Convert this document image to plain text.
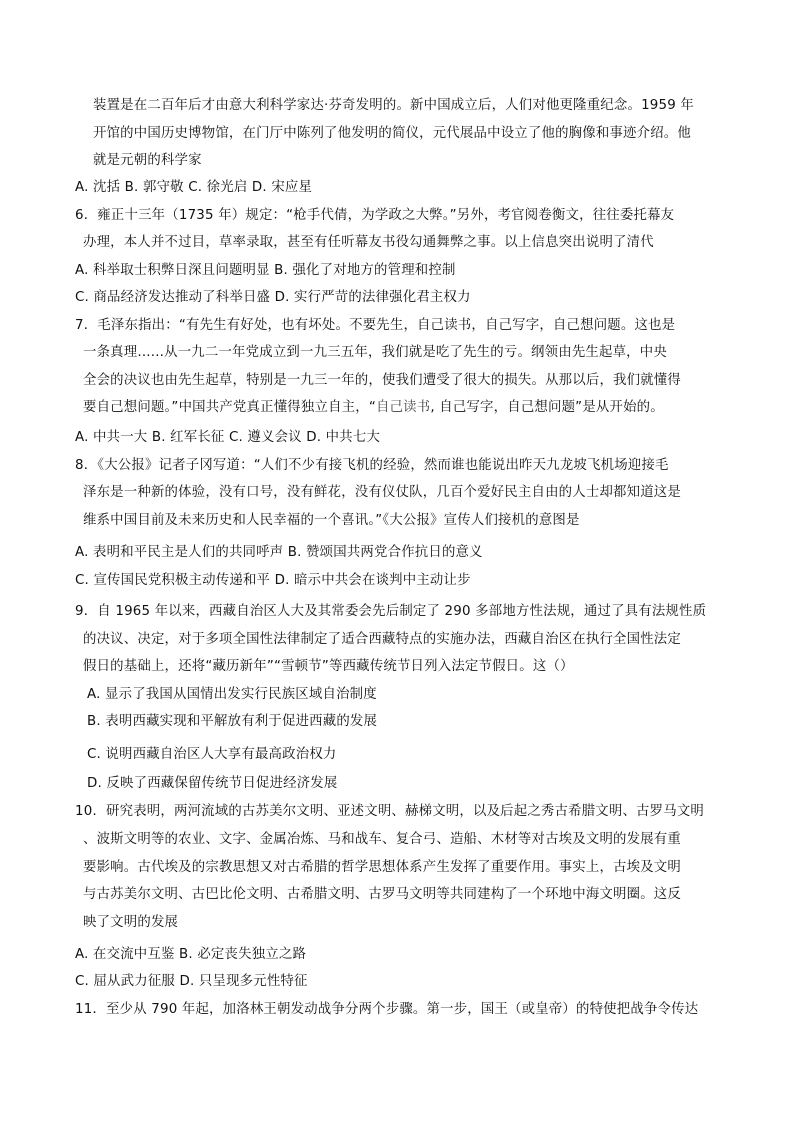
装置是在二百年后才由意大利科学家达·芬奇发明的。新中国成立后，人们对他更隆重纪念。1959 年
开馆的中国历史博物馆，在门厅中陈列了他发明的简仪，元代展品中设立了他的胸像和事迹介绍。他
就是元朝的科学家
A. 沈括 B. 郭守敬 C. 徐光启 D. 宋应星
6．雍正十三年（1735 年）规定：“枪手代倩，为学政之大弊。”另外，考官阅卷衡文，往往委托幕友
办理，本人并不过目，草率录取，甚至有任听幕友书役勾通舞弊之事。以上信息突出说明了清代
A. 科举取士积弊日深且问题明显 B. 强化了对地方的管理和控制
C. 商品经济发达推动了科举日盛 D. 实行严苛的法律强化君主权力
7．毛泽东指出：“有先生有好处，也有坏处。不要先生，自己读书，自己写字，自己想问题。这也是
一条真理......从一九二一年党成立到一九三五年，我们就是吃了先生的亏。纲领由先生起草，中央
全会的决议也由先生起草，特别是一九三一年的，使我们遭受了很大的损失。从那以后，我们就懂得
要自己想问题。”中国共产党真正懂得独立自主，“自己读书, 自己写字，自己想问题”是从开始的。
A. 中共一大 B. 红军长征 C. 遵义会议 D. 中共七大
8．《大公报》记者子冈写道：“人们不少有接飞机的经验，然而谁也能说出昨天九龙坡飞机场迎接毛
泽东是一种新的体验，没有口号，没有鲜花，没有仪仗队，几百个爱好民主自由的人士却都知道这是
维系中国目前及未来历史和人民幸福的一个喜讯。”《大公报》宣传人们接机的意图是
A. 表明和平民主是人们的共同呼声 B. 赞颂国共两党合作抗日的意义
C. 宣传国民党积极主动传递和平 D. 暗示中共会在谈判中主动让步
9．自 1965 年以来，西藏自治区人大及其常委会先后制定了 290 多部地方性法规，通过了具有法规性质
的决议、决定，对于多项全国性法律制定了适合西藏特点的实施办法，西藏自治区在执行全国性法定
假日的基础上，还将“藏历新年”“雪顿节”等西藏传统节日列入法定节假日。这（）
A. 显示了我国从国情出发实行民族区域自治制度
B. 表明西藏实现和平解放有利于促进西藏的发展
C. 说明西藏自治区人大享有最高政治权力
D. 反映了西藏保留传统节日促进经济发展
10．研究表明，两河流域的古苏美尔文明、亚述文明、赫梯文明，以及后起之秀古希腊文明、古罗马文明
、波斯文明等的农业、文字、金属冶炼、马和战车、复合弓、造船、木材等对古埃及文明的发展有重
要影响。古代埃及的宗教思想又对古希腊的哲学思想体系产生发挥了重要作用。事实上，古埃及文明
与古苏美尔文明、古巴比伦文明、古希腊文明、古罗马文明等共同建构了一个环地中海文明圈。这反
映了文明的发展
A. 在交流中互鉴 B. 必定丧失独立之路
C. 屈从武力征服 D. 只呈现多元性特征
11．至少从 790 年起，加洛林王朝发动战争分两个步骤。第一步，国王（或皇帝）的特使把战争令传达
